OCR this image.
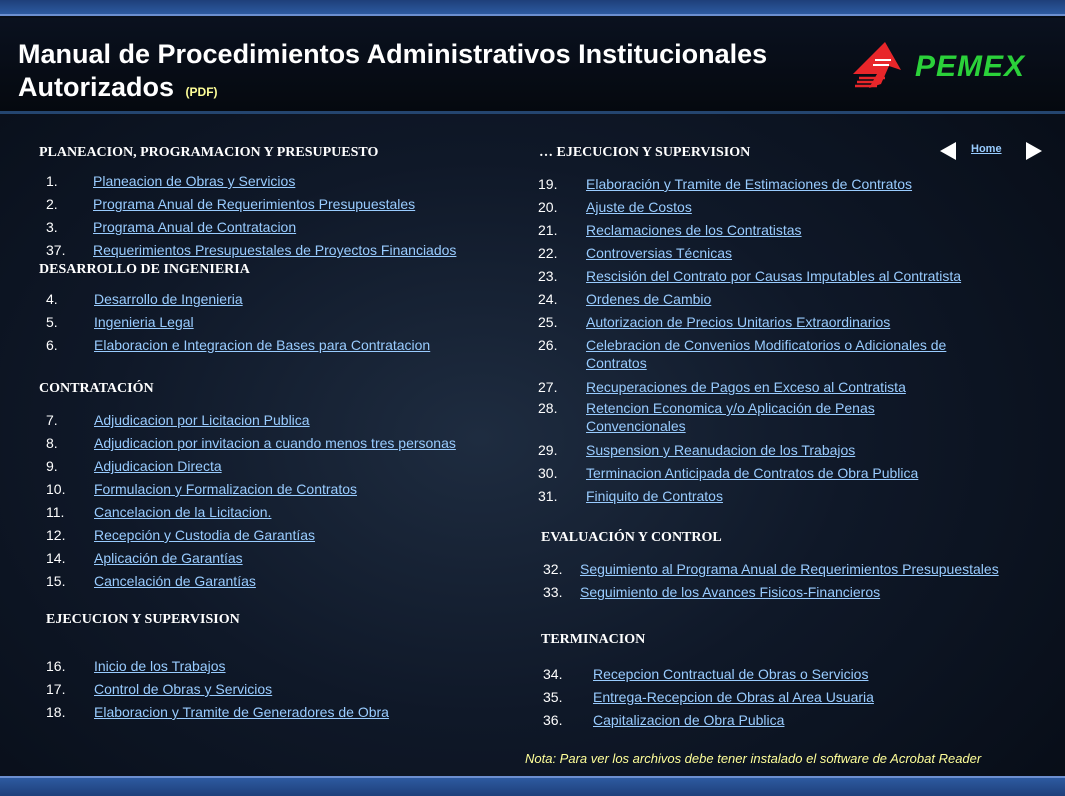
Manual de Procedimientos Administrativos Institucionales Autorizados (PDF)
PEMEX
PLANEACION, PROGRAMACION Y PRESUPUESTO
1.	Planeacion de Obras y Servicios
2.	Programa Anual de Requerimientos Presupuestales
3.	Programa Anual de Contratacion
37. Requerimientos Presupuestales de Proyectos Financiados
DESARROLLO DE INGENIERIA
4.	Desarrollo de Ingenieria
5.	Ingenieria Legal
6.	Elaboracion e Integracion de Bases para Contratacion
CONTRATACIÓN
7.	Adjudicacion por Licitacion Publica
8.	Adjudicacion por invitacion a cuando menos tres personas
9.	Adjudicacion Directa
10. Formulacion y Formalizacion de Contratos
11. Cancelacion de la Licitacion.
12. Recepción y Custodia de Garantías
14. Aplicación de Garantías
15. Cancelación de Garantías
EJECUCION Y SUPERVISION
16. Inicio de los Trabajos
17. Control de Obras y Servicios
18. Elaboracion y Tramite de Generadores de Obra
… EJECUCION Y SUPERVISION	Home
19. Elaboración y Tramite de Estimaciones de Contratos
20. Ajuste de Costos
21. Reclamaciones de los Contratistas
22. Controversias Técnicas
23. Rescisión del Contrato por Causas Imputables al Contratista
24. Ordenes de Cambio
25. Autorizacion de Precios Unitarios Extraordinarios
26. Celebracion de Convenios Modificatorios o Adicionales de Contratos
27. Recuperaciones de Pagos en Exceso al Contratista
28. Retencion Economica y/o Aplicación de Penas Convencionales
29. Suspension y Reanudacion de los Trabajos
30. Terminacion Anticipada de Contratos de Obra Publica
31. Finiquito de Contratos
EVALUACIÓN Y CONTROL
32. Seguimiento al Programa Anual de Requerimientos Presupuestales
33. Seguimiento de los Avances Fisicos-Financieros
TERMINACION
34. Recepcion Contractual de Obras o Servicios
35. Entrega-Recepcion de Obras al Area Usuaria
36. Capitalizacion de Obra Publica
Nota: Para ver los archivos debe tener instalado el software de Acrobat Reader
